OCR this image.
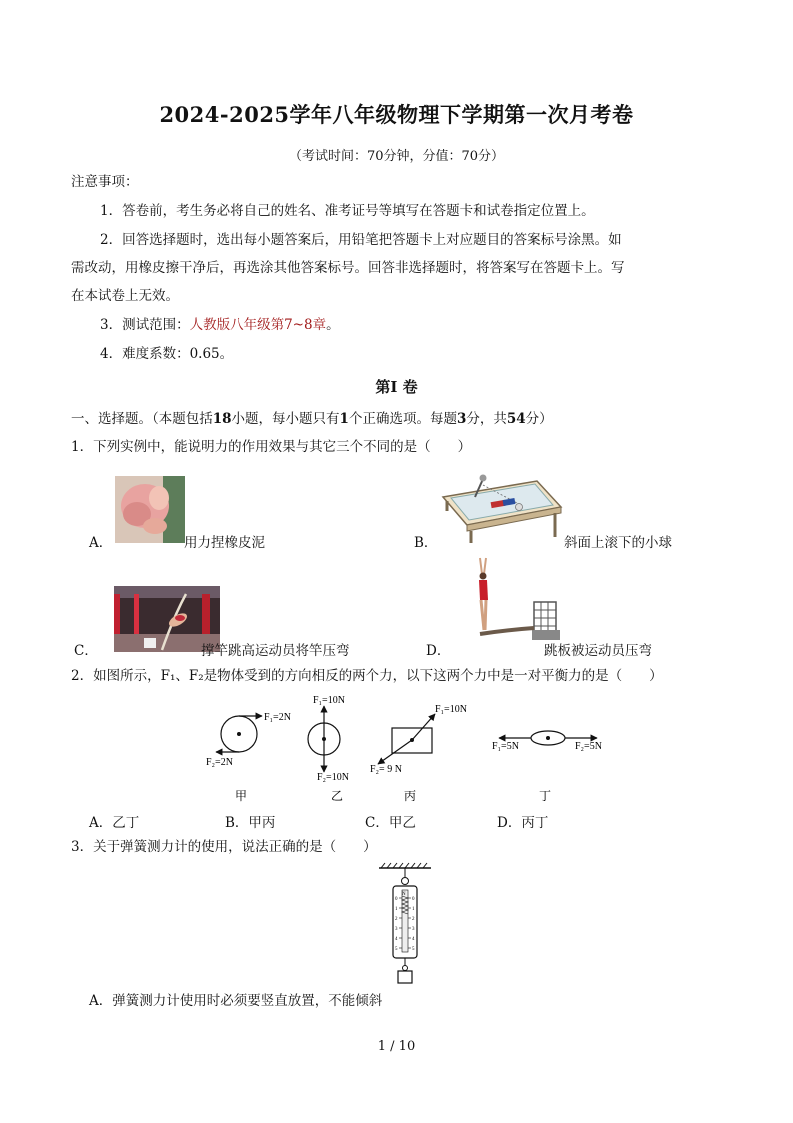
2024-2025学年八年级物理下学期第一次月考卷
（考试时间：70分钟，分值：70分）
注意事项：
1．答卷前，考生务必将自己的姓名、准考证号等填写在答题卡和试卷指定位置上。
2．回答选择题时，选出每小题答案后，用铅笔把答题卡上对应题目的答案标号涂黑。如
需改动，用橡皮擦干净后，再选涂其他答案标号。回答非选择题时，将答案写在答题卡上。写
在本试卷上无效。
3．测试范围：人教版八年级第7~8章。
4．难度系数：0.65。
第Ⅰ 卷
一、选择题。（本题包括18小题，每小题只有1个正确选项。每题3分，共54分）
1．下列实例中，能说明力的作用效果与其它三个不同的是（　　）
A．	用力捏橡皮泥	B．	斜面上滚下的小球
C．	撑竿跳高运动员将竿压弯	D．	跳板被运动员压弯
2．如图所示，F₁、F₂是物体受到的方向相反的两个力，以下这两个力中是一对平衡力的是（　　）
F₁=2N
F₂=2N
F₁=10N
F₂=10N
F₁=10N
F₂= 9 N
F₁=5N	F₂=5N
甲	乙	丙	丁
A．乙丁	B．甲丙	C．甲乙	D．丙丁
3．关于弹簧测力计的使用，说法正确的是（　　）
0
1
2
3
4
5
0
1
2
3
4
5
N
A．弹簧测力计使用时必须要竖直放置，不能倾斜
1 / 10
